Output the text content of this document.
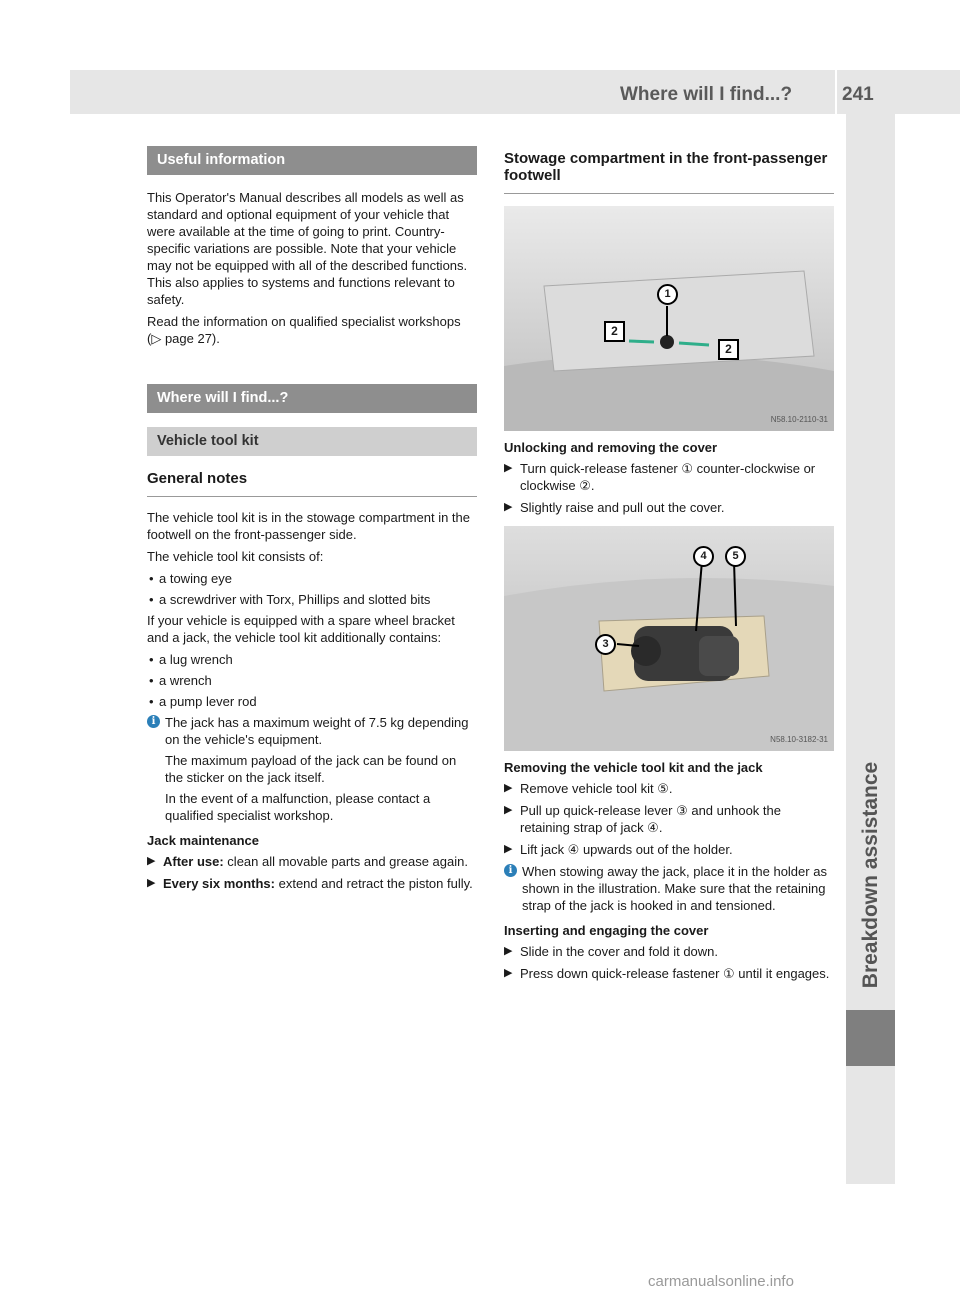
Where will I find...?	241
Breakdown assistance
Useful information

This Operator's Manual describes all models as well as standard and optional equipment of your vehicle that were available at the time of going to print. Country-specific variations are possible. Note that your vehicle may not be equipped with all of the described functions. This also applies to systems and functions relevant to safety.

Read the information on qualified specialist workshops (▷ page 27).

Where will I find...?
Vehicle tool kit
General notes

The vehicle tool kit is in the stowage compartment in the footwell on the front-passenger side.

The vehicle tool kit consists of:

• a towing eye
• a screwdriver with Torx, Phillips and slotted bits

If your vehicle is equipped with a spare wheel bracket and a jack, the vehicle tool kit additionally contains:

• a lug wrench
• a wrench
• a pump lever rod
i The jack has a maximum weight of 7.5 kg depending on the vehicle's equipment.

The maximum payload of the jack can be found on the sticker on the jack itself.

In the event of a malfunction, please contact a qualified specialist workshop.

Jack maintenance
▶ After use: clean all movable parts and grease again.
▶ Every six months: extend and retract the piston fully.
Stowage compartment in the front-passenger footwell
1
2
2
N58.10-2110-31
Unlocking and removing the cover
▶ Turn quick-release fastener ① counter-clockwise or clockwise ②.
▶ Slightly raise and pull out the cover.
4	5
3
N58.10-3182-31
Removing the vehicle tool kit and the jack
▶ Remove vehicle tool kit ⑤.
▶ Pull up quick-release lever ③ and unhook the retaining strap of jack ④.
▶ Lift jack ④ upwards out of the holder.
i When stowing away the jack, place it in the holder as shown in the illustration. Make sure that the retaining strap of the jack is hooked in and tensioned.

Inserting and engaging the cover
▶ Slide in the cover and fold it down.
▶ Press down quick-release fastener ① until it engages.
carmanualsonline.info
